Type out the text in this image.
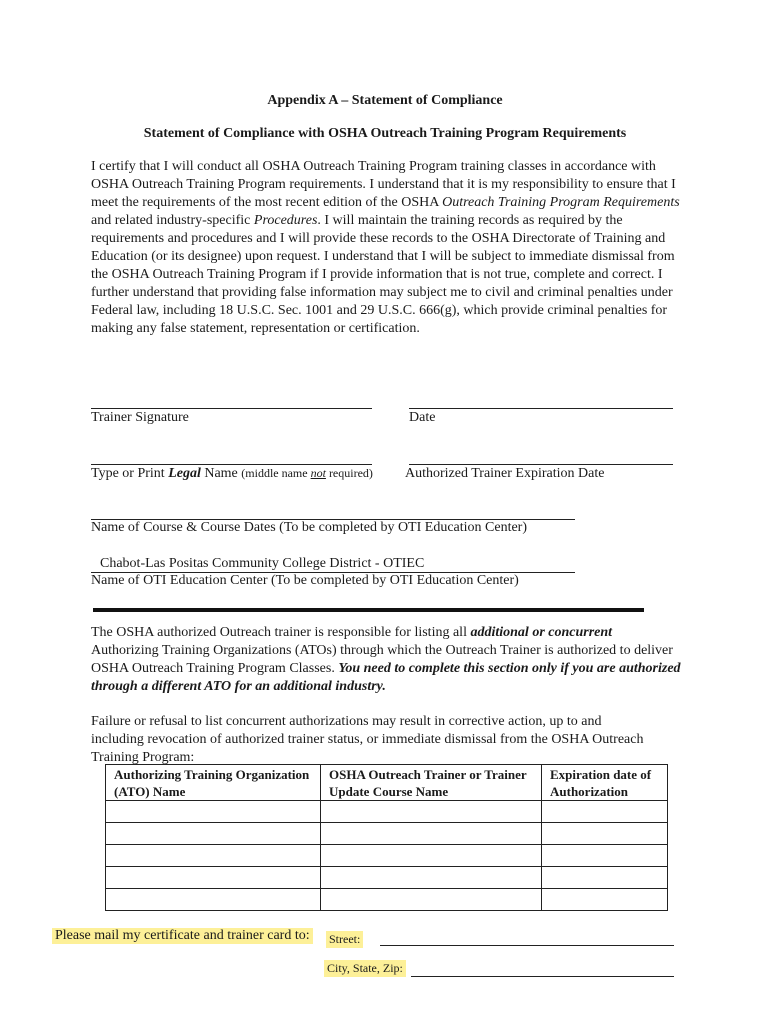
Appendix A – Statement of Compliance
Statement of Compliance with OSHA Outreach Training Program Requirements
I certify that I will conduct all OSHA Outreach Training Program training classes in accordance with OSHA Outreach Training Program requirements. I understand that it is my responsibility to ensure that I meet the requirements of the most recent edition of the OSHA Outreach Training Program Requirements and related industry-specific Procedures. I will maintain the training records as required by the requirements and procedures and I will provide these records to the OSHA Directorate of Training and Education (or its designee) upon request. I understand that I will be subject to immediate dismissal from the OSHA Outreach Training Program if I provide information that is not true, complete and correct. I further understand that providing false information may subject me to civil and criminal penalties under Federal law, including 18 U.S.C. Sec. 1001 and 29 U.S.C. 666(g), which provide criminal penalties for making any false statement, representation or certification.
Trainer Signature	Date
Type or Print Legal Name (middle name not required) Authorized Trainer Expiration Date
Name of Course & Course Dates (To be completed by OTI Education Center)
Chabot-Las Positas Community College District - OTIEC
Name of OTI Education Center (To be completed by OTI Education Center)
The OSHA authorized Outreach trainer is responsible for listing all additional or concurrent Authorizing Training Organizations (ATOs) through which the Outreach Trainer is authorized to deliver OSHA Outreach Training Program Classes. You need to complete this section only if you are authorized through a different ATO for an additional industry.
Failure or refusal to list concurrent authorizations may result in corrective action, up to and including revocation of authorized trainer status, or immediate dismissal from the OSHA Outreach Training Program:
Authorizing Training Organization (ATO) Name	OSHA Outreach Trainer or Trainer Update Course Name	Expiration date of Authorization

Please mail my certificate and trainer card to: Street:
City, State, Zip:
